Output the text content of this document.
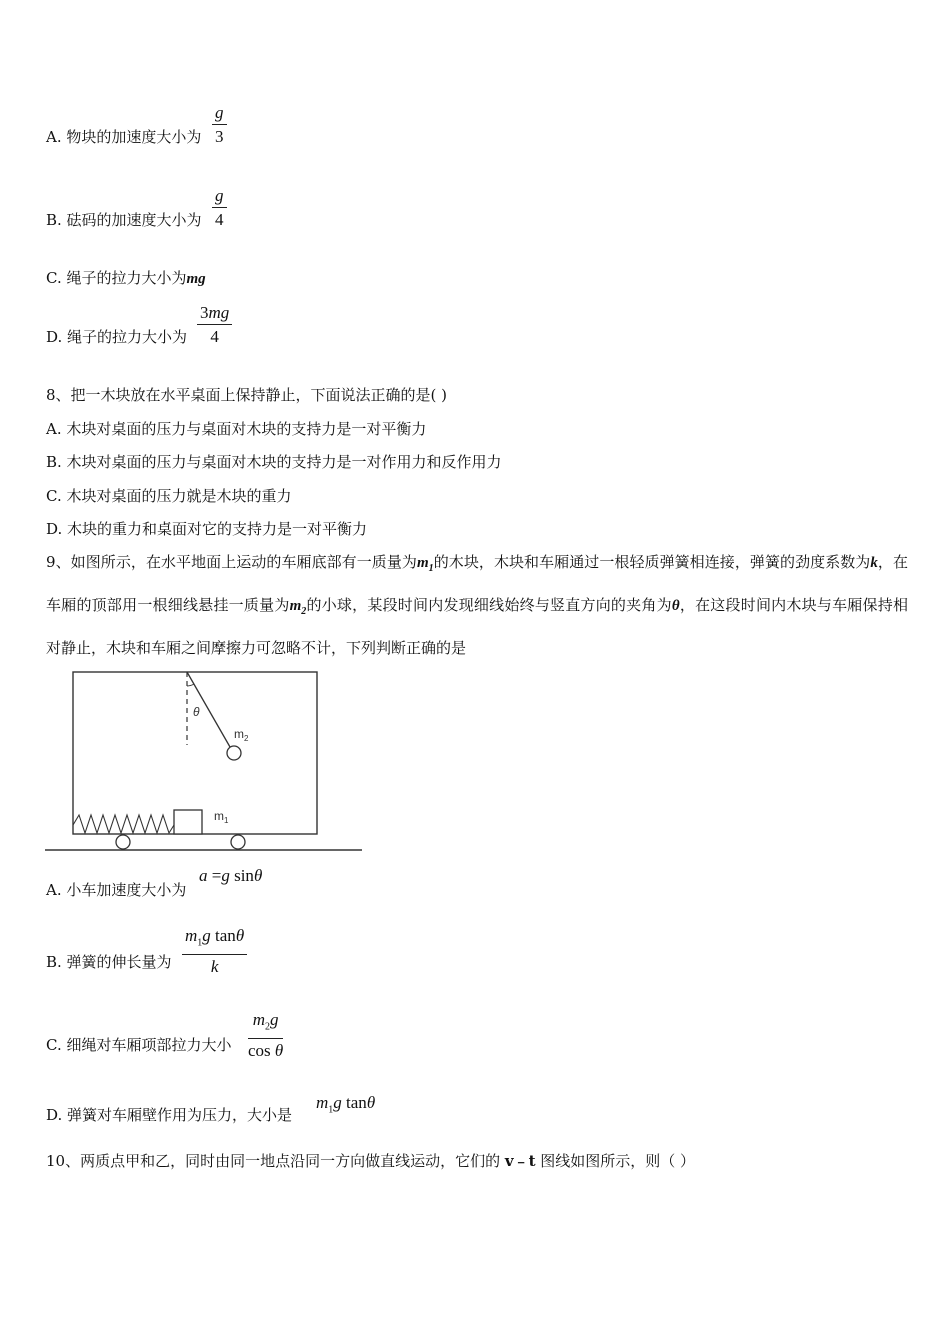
A. 物块的加速度大小为 $\frac{g}{3}$
B. 砝码的加速度大小为 $\frac{g}{4}$
C. 绳子的拉力大小为mg
D. 绳子的拉力大小为 $\frac{3mg}{4}$
8、把一木块放在水平桌面上保持静止，下面说法正确的是( )
A. 木块对桌面的压力与桌面对木块的支持力是一对平衡力
B. 木块对桌面的压力与桌面对木块的支持力是一对作用力和反作用力
C. 木块对桌面的压力就是木块的重力
D. 木块的重力和桌面对它的支持力是一对平衡力
9、如图所示，在水平地面上运动的车厢底部有一质量为$m_1$的木块，木块和车厢通过一根轻质弹簧相连接，弹簧的劲度系数为k，在车厢的顶部用一根细线悬挂一质量为$m_2$的小球，某段时间内发现细线始终与竖直方向的夹角为θ，在这段时间内木块与车厢保持相对静止，木块和车厢之间摩擦力可忽略不计，下列判断正确的是
θ
$m_2$
$m_1$
A. 小车加速度大小为
a =g sinθ
B. 弹簧的伸长量为 $\frac{m_1g \tan\theta}{k}$
C. 细绳对车厢项部拉力大小 $\frac{m_2g}{\text{cos θ}}$
D. 弹簧对车厢壁作用为压力，大小是
$m_1g$ tanθ
10、两质点甲和乙，同时由同一地点沿同一方向做直线运动，它们的 v﹣t 图线如图所示，则（ ）
